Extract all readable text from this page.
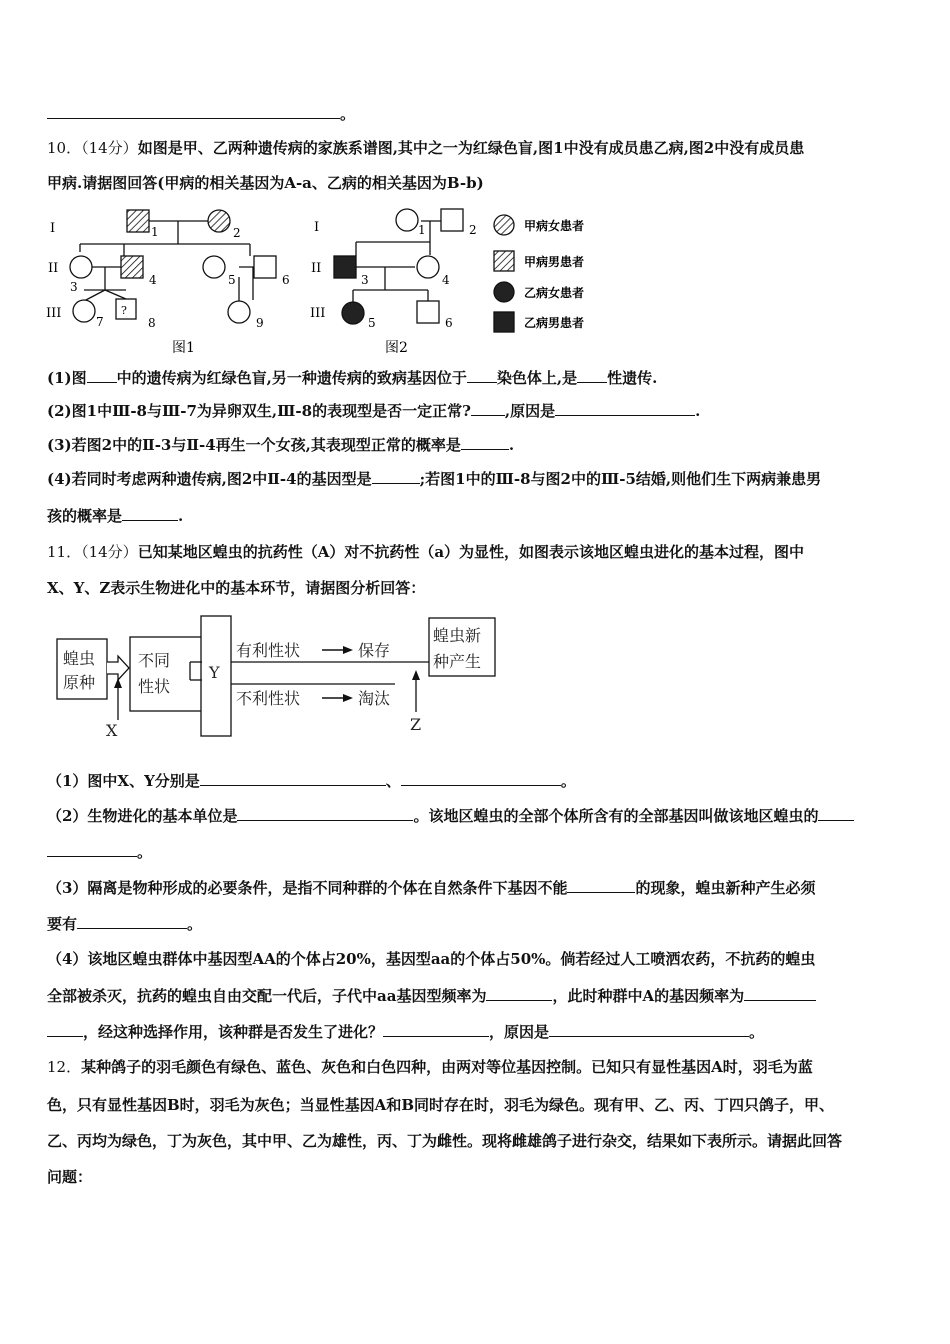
。
10．（14分）如图是甲、乙两种遗传病的家族系谱图,其中之一为红绿色盲,图1中没有成员患乙病,图2中没有成员患
甲病.请据图回答(甲病的相关基因为A-a、乙病的相关基因为B-b)
I
II
III
1	2
3	4	5	6
7
?
8	9
图1
I
II
III
1	2
3	4
5	6
图2
甲病女患者
甲病男患者
乙病女患者
乙病男患者
(1)图 中的遗传病为红绿色盲,另一种遗传病的致病基因位于 染色体上,是 性遗传.
(2)图1中Ⅲ-8与Ⅲ-7为异卵双生,Ⅲ-8的表现型是否一定正常? ,原因是	.
(3)若图2中的Ⅱ-3与Ⅱ-4再生一个女孩,其表现型正常的概率是	.
(4)若同时考虑两种遗传病,图2中Ⅱ-4的基因型是	;若图1中的Ⅲ-8与图2中的Ⅲ-5结婚,则他们生下两病兼患男
孩的概率是	.
11．（14分）已知某地区蝗虫的抗药性（A）对不抗药性（a）为显性，如图表示该地区蝗虫进化的基本过程，图中
X、Y、Z表示生物进化中的基本环节，请据图分析回答：
蝗虫
原种
不同
性状
Y
有利性状	保存
不利性状	淘汰
蝗虫新
种产生
X	Z
（1）图中X、Y分别是	、	。
（2）生物进化的基本单位是	。该地区蝗虫的全部个体所含有的全部基因叫做该地区蝗虫的
。
（3）隔离是物种形成的必要条件，是指不同种群的个体在自然条件下基因不能	的现象，蝗虫新种产生必须
要有	。
（4）该地区蝗虫群体中基因型AA的个体占20%，基因型aa的个体占50%。倘若经过人工喷洒农药，不抗药的蝗虫
全部被杀灭，抗药的蝗虫自由交配一代后，子代中aa基因型频率为	，此时种群中A的基因频率为
，经这种选择作用，该种群是否发生了进化？	，原因是	。
12．某种鸽子的羽毛颜色有绿色、蓝色、灰色和白色四种，由两对等位基因控制。已知只有显性基因A时，羽毛为蓝
色，只有显性基因B时，羽毛为灰色；当显性基因A和B同时存在时，羽毛为绿色。现有甲、乙、丙、丁四只鸽子，甲、
乙、丙均为绿色，丁为灰色，其中甲、乙为雄性，丙、丁为雌性。现将雌雄鸽子进行杂交，结果如下表所示。请据此回答
问题：
